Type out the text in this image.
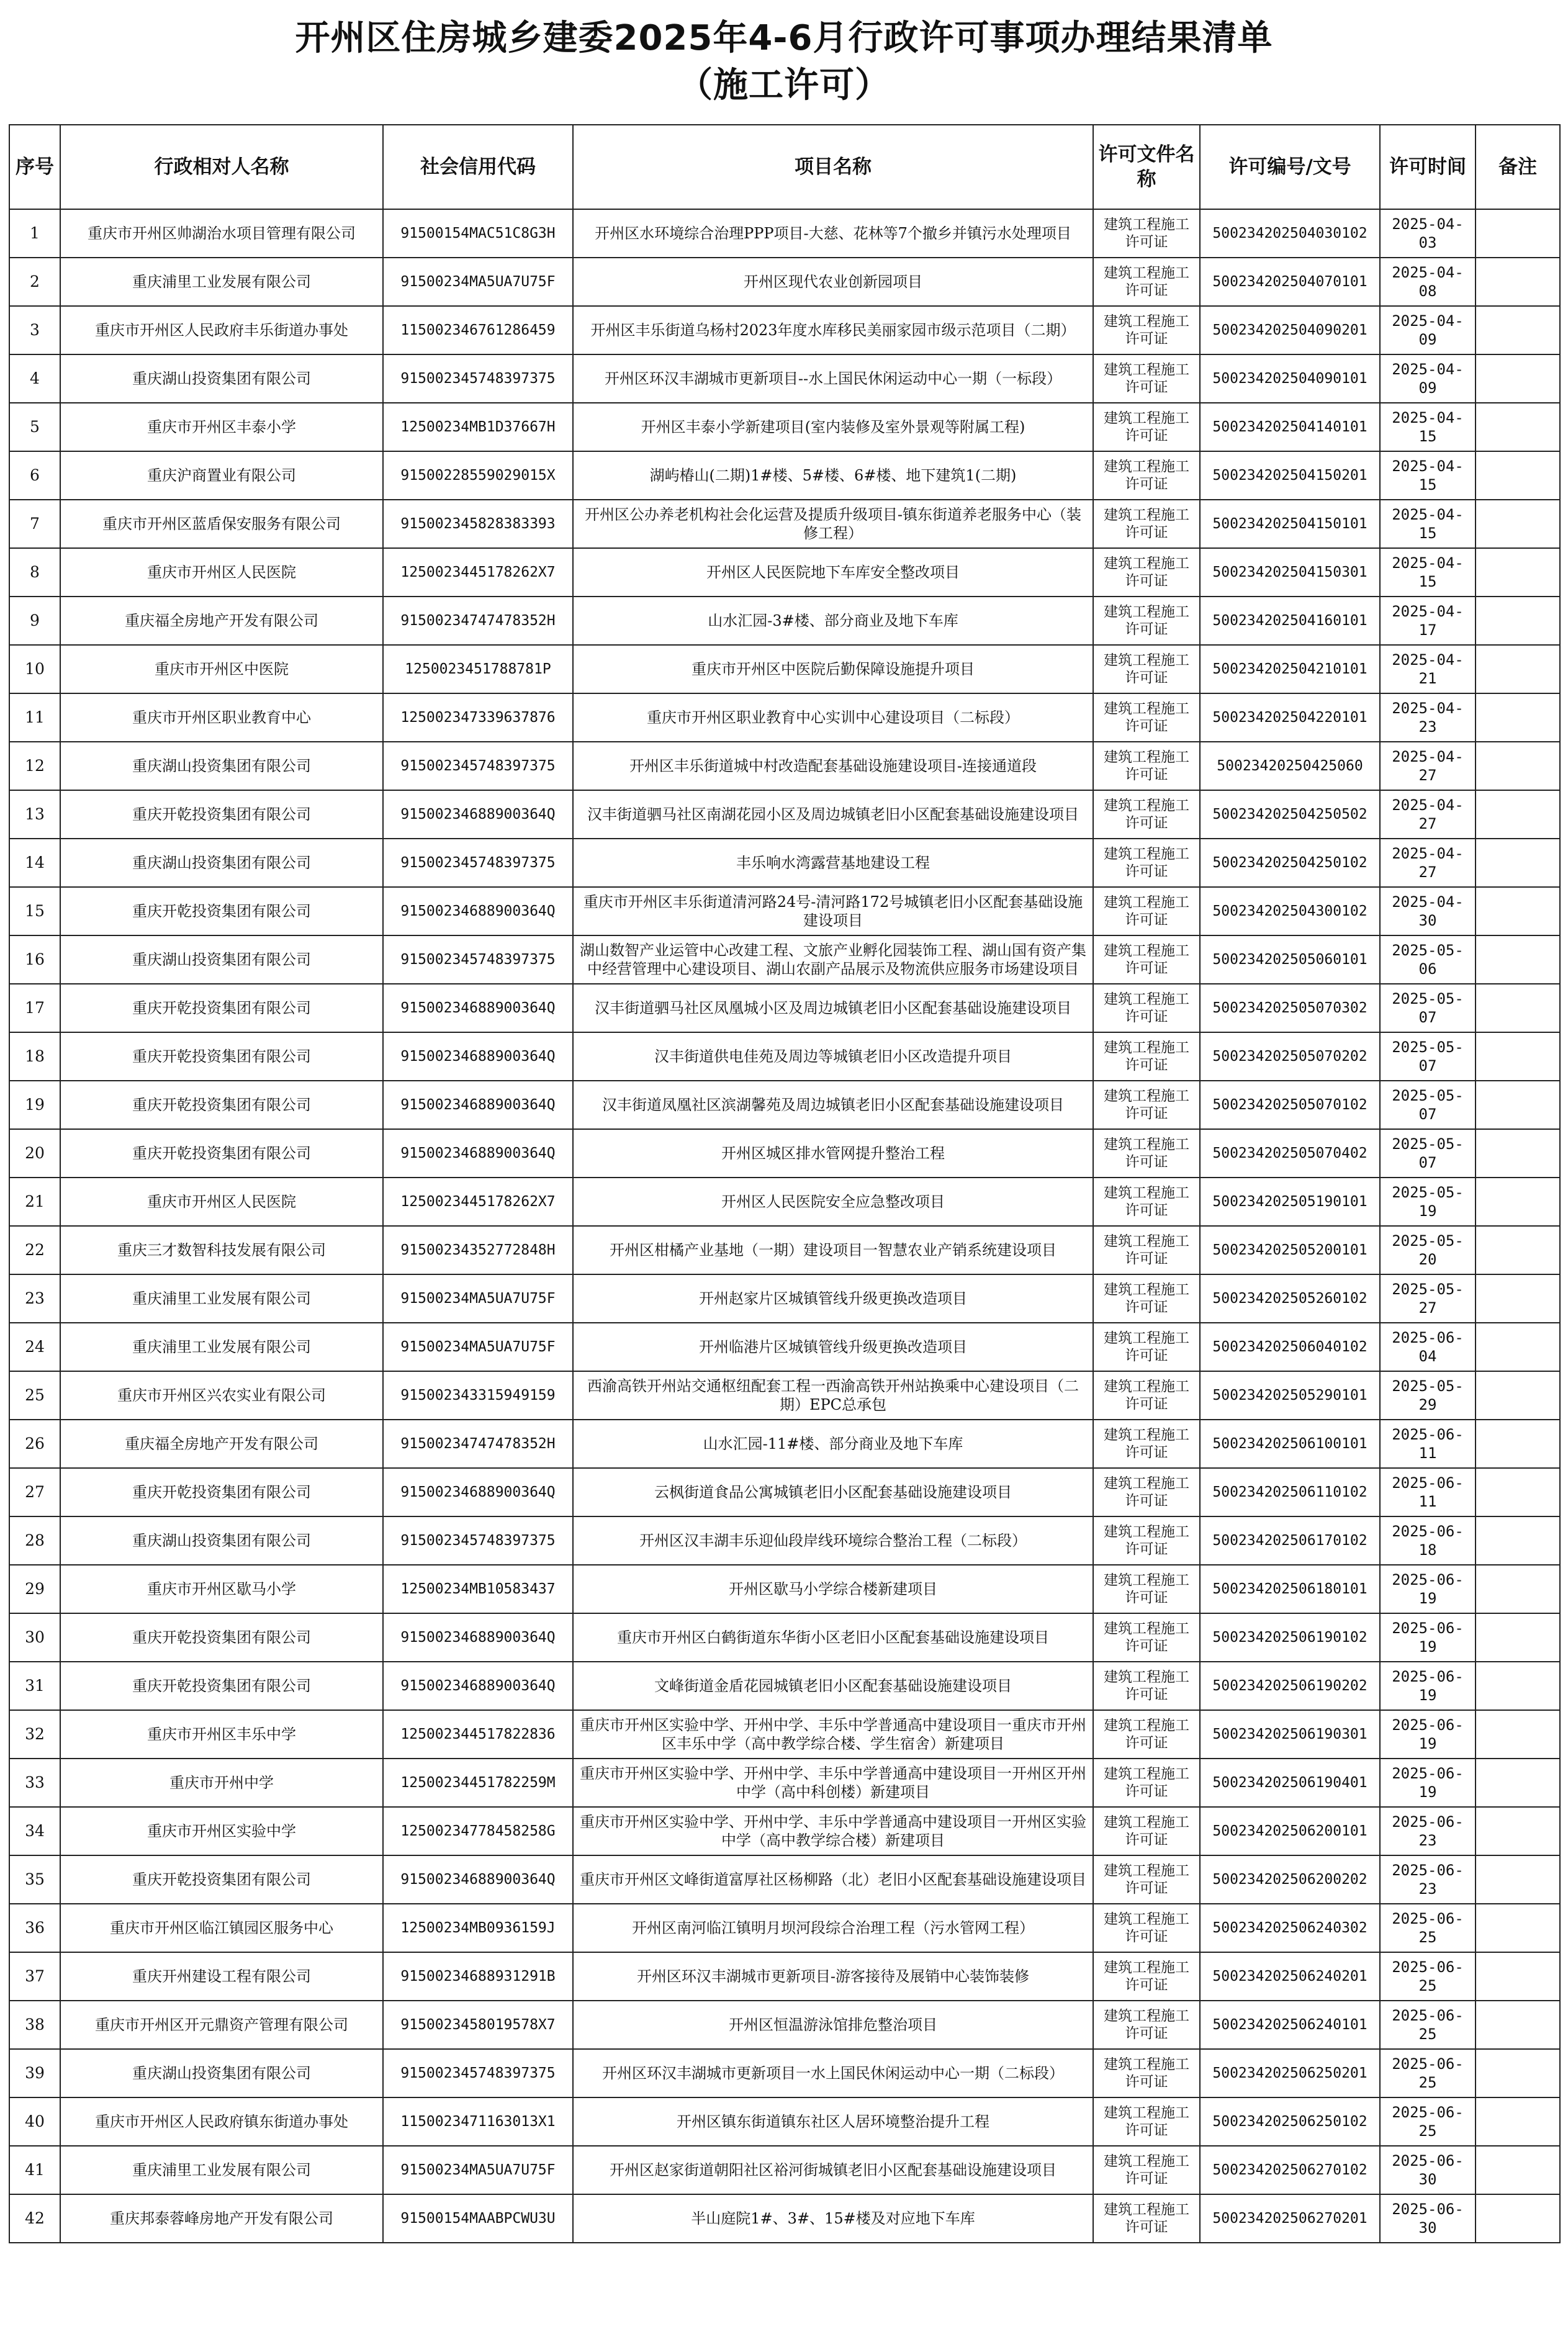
开州区住房城乡建委2025年4-6月行政许可事项办理结果清单
（施工许可）
序号	行政相对人名称	社会信用代码	项目名称	许可文件名称	许可编号/文号	许可时间	备注
1	重庆市开州区帅湖治水项目管理有限公司	91500154MAC51C8G3H	开州区水环境综合治理PPP项目-大慈、花林等7个撤乡并镇污水处理项目	建筑工程施工许可证	500234202504030102	2025-04-03	
2	重庆浦里工业发展有限公司	91500234MA5UA7U75F	开州区现代农业创新园项目	建筑工程施工许可证	500234202504070101	2025-04-08	
3	重庆市开州区人民政府丰乐街道办事处	115002346761286459	开州区丰乐街道乌杨村2023年度水库移民美丽家园市级示范项目（二期）	建筑工程施工许可证	500234202504090201	2025-04-09	
4	重庆湖山投资集团有限公司	915002345748397375	开州区环汉丰湖城市更新项目--水上国民休闲运动中心一期（一标段）	建筑工程施工许可证	500234202504090101	2025-04-09	
5	重庆市开州区丰泰小学	12500234MB1D37667H	开州区丰泰小学新建项目(室内装修及室外景观等附属工程)	建筑工程施工许可证	500234202504140101	2025-04-15	
6	重庆沪商置业有限公司	91500228559029015X	湖屿椿山(二期)1#楼、5#楼、6#楼、地下建筑1(二期)	建筑工程施工许可证	500234202504150201	2025-04-15	
7	重庆市开州区蓝盾保安服务有限公司	915002345828383393	开州区公办养老机构社会化运营及提质升级项目-镇东街道养老服务中心（装修工程）	建筑工程施工许可证	500234202504150101	2025-04-15	
8	重庆市开州区人民医院	1250023445178262X7	开州区人民医院地下车库安全整改项目	建筑工程施工许可证	500234202504150301	2025-04-15	
9	重庆福全房地产开发有限公司	91500234747478352H	山水汇园-3#楼、部分商业及地下车库	建筑工程施工许可证	500234202504160101	2025-04-17	
10	重庆市开州区中医院	1250023451788781P	重庆市开州区中医院后勤保障设施提升项目	建筑工程施工许可证	500234202504210101	2025-04-21	
11	重庆市开州区职业教育中心	125002347339637876	重庆市开州区职业教育中心实训中心建设项目（二标段）	建筑工程施工许可证	500234202504220101	2025-04-23	
12	重庆湖山投资集团有限公司	915002345748397375	开州区丰乐街道城中村改造配套基础设施建设项目-连接通道段	建筑工程施工许可证	50023420250425060	2025-04-27	
13	重庆开乾投资集团有限公司	91500234688900364Q	汉丰街道驷马社区南湖花园小区及周边城镇老旧小区配套基础设施建设项目	建筑工程施工许可证	500234202504250502	2025-04-27	
14	重庆湖山投资集团有限公司	915002345748397375	丰乐响水湾露营基地建设工程	建筑工程施工许可证	500234202504250102	2025-04-27	
15	重庆开乾投资集团有限公司	91500234688900364Q	重庆市开州区丰乐街道清河路24号-清河路172号城镇老旧小区配套基础设施建设项目	建筑工程施工许可证	500234202504300102	2025-04-30	
16	重庆湖山投资集团有限公司	915002345748397375	湖山数智产业运管中心改建工程、文旅产业孵化园装饰工程、湖山国有资产集中经营管理中心建设项目、湖山农副产品展示及物流供应服务市场建设项目	建筑工程施工许可证	500234202505060101	2025-05-06	
17	重庆开乾投资集团有限公司	91500234688900364Q	汉丰街道驷马社区凤凰城小区及周边城镇老旧小区配套基础设施建设项目	建筑工程施工许可证	500234202505070302	2025-05-07	
18	重庆开乾投资集团有限公司	91500234688900364Q	汉丰街道供电佳苑及周边等城镇老旧小区改造提升项目	建筑工程施工许可证	500234202505070202	2025-05-07	
19	重庆开乾投资集团有限公司	91500234688900364Q	汉丰街道凤凰社区滨湖馨苑及周边城镇老旧小区配套基础设施建设项目	建筑工程施工许可证	500234202505070102	2025-05-07	
20	重庆开乾投资集团有限公司	91500234688900364Q	开州区城区排水管网提升整治工程	建筑工程施工许可证	500234202505070402	2025-05-07	
21	重庆市开州区人民医院	1250023445178262X7	开州区人民医院安全应急整改项目	建筑工程施工许可证	500234202505190101	2025-05-19	
22	重庆三才数智科技发展有限公司	91500234352772848H	开州区柑橘产业基地（一期）建设项目一智慧农业产销系统建设项目	建筑工程施工许可证	500234202505200101	2025-05-20	
23	重庆浦里工业发展有限公司	91500234MA5UA7U75F	开州赵家片区城镇管线升级更换改造项目	建筑工程施工许可证	500234202505260102	2025-05-27	
24	重庆浦里工业发展有限公司	91500234MA5UA7U75F	开州临港片区城镇管线升级更换改造项目	建筑工程施工许可证	500234202506040102	2025-06-04	
25	重庆市开州区兴农实业有限公司	915002343315949159	西渝高铁开州站交通枢纽配套工程一西渝高铁开州站换乘中心建设项目（二期）EPC总承包	建筑工程施工许可证	500234202505290101	2025-05-29	
26	重庆福全房地产开发有限公司	91500234747478352H	山水汇园-11#楼、部分商业及地下车库	建筑工程施工许可证	500234202506100101	2025-06-11	
27	重庆开乾投资集团有限公司	91500234688900364Q	云枫街道食品公寓城镇老旧小区配套基础设施建设项目	建筑工程施工许可证	500234202506110102	2025-06-11	
28	重庆湖山投资集团有限公司	915002345748397375	开州区汉丰湖丰乐迎仙段岸线环境综合整治工程（二标段）	建筑工程施工许可证	500234202506170102	2025-06-18	
29	重庆市开州区歇马小学	12500234MB10583437	开州区歇马小学综合楼新建项目	建筑工程施工许可证	500234202506180101	2025-06-19	
30	重庆开乾投资集团有限公司	91500234688900364Q	重庆市开州区白鹤街道东华街小区老旧小区配套基础设施建设项目	建筑工程施工许可证	500234202506190102	2025-06-19	
31	重庆开乾投资集团有限公司	91500234688900364Q	文峰街道金盾花园城镇老旧小区配套基础设施建设项目	建筑工程施工许可证	500234202506190202	2025-06-19	
32	重庆市开州区丰乐中学	125002344517822836	重庆市开州区实验中学、开州中学、丰乐中学普通高中建设项目一重庆市开州区丰乐中学（高中教学综合楼、学生宿舍）新建项目	建筑工程施工许可证	500234202506190301	2025-06-19	
33	重庆市开州中学	12500234451782259M	重庆市开州区实验中学、开州中学、丰乐中学普通高中建设项目一开州区开州中学（高中科创楼）新建项目	建筑工程施工许可证	500234202506190401	2025-06-19	
34	重庆市开州区实验中学	12500234778458258G	重庆市开州区实验中学、开州中学、丰乐中学普通高中建设项目一开州区实验中学（高中教学综合楼）新建项目	建筑工程施工许可证	500234202506200101	2025-06-23	
35	重庆开乾投资集团有限公司	91500234688900364Q	重庆市开州区文峰街道富厚社区杨柳路（北）老旧小区配套基础设施建设项目	建筑工程施工许可证	500234202506200202	2025-06-23	
36	重庆市开州区临江镇园区服务中心	12500234MB0936159J	开州区南河临江镇明月坝河段综合治理工程（污水管网工程）	建筑工程施工许可证	500234202506240302	2025-06-25	
37	重庆开州建设工程有限公司	91500234688931291B	开州区环汉丰湖城市更新项目-游客接待及展销中心装饰装修	建筑工程施工许可证	500234202506240201	2025-06-25	
38	重庆市开州区开元鼎资产管理有限公司	9150023458019578X7	开州区恒温游泳馆排危整治项目	建筑工程施工许可证	500234202506240101	2025-06-25	
39	重庆湖山投资集团有限公司	915002345748397375	开州区环汉丰湖城市更新项目一水上国民休闲运动中心一期（二标段）	建筑工程施工许可证	500234202506250201	2025-06-25	
40	重庆市开州区人民政府镇东街道办事处	1150023471163013X1	开州区镇东街道镇东社区人居环境整治提升工程	建筑工程施工许可证	500234202506250102	2025-06-25	
41	重庆浦里工业发展有限公司	91500234MA5UA7U75F	开州区赵家街道朝阳社区裕河街城镇老旧小区配套基础设施建设项目	建筑工程施工许可证	500234202506270102	2025-06-30	
42	重庆邦泰蓉峰房地产开发有限公司	91500154MAABPCWU3U	半山庭院1#、3#、15#楼及对应地下车库	建筑工程施工许可证	500234202506270201	2025-06-30	
